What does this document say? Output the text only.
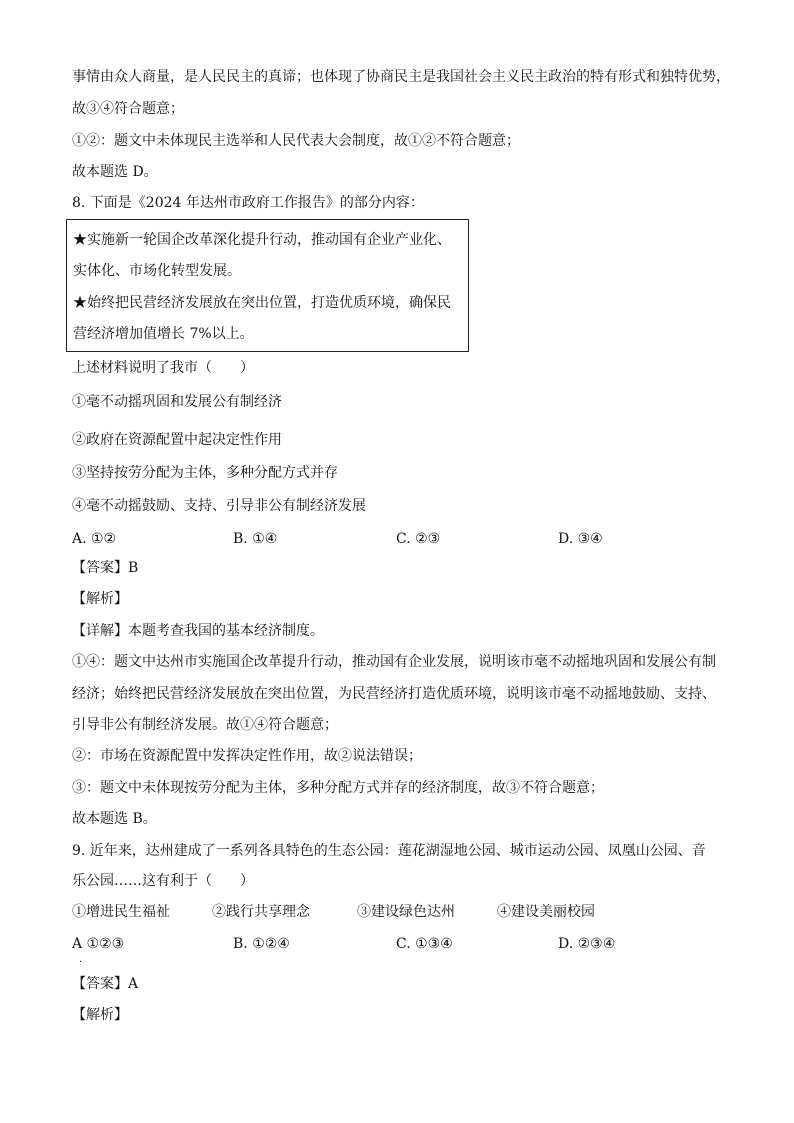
事情由众人商量，是人民民主的真谛；也体现了协商民主是我国社会主义民主政治的特有形式和独特优势，
故③④符合题意；
①②：题文中未体现民主选举和人民代表大会制度，故①②不符合题意；
故本题选 D。
8. 下面是《2024 年达州市政府工作报告》的部分内容：
★实施新一轮国企改革深化提升行动，推动国有企业产业化、
实体化、市场化转型发展。
★始终把民营经济发展放在突出位置，打造优质环境，确保民
营经济增加值增长 7%以上。
上述材料说明了我市（　　）
①毫不动摇巩固和发展公有制经济
②政府在资源配置中起决定性作用
③坚持按劳分配为主体，多种分配方式并存
④毫不动摇鼓励、支持、引导非公有制经济发展
A. ①②	B. ①④	C. ②③	D. ③④
【答案】B
【解析】
【详解】本题考查我国的基本经济制度。
①④：题文中达州市实施国企改革提升行动，推动国有企业发展，说明该市毫不动摇地巩固和发展公有制
经济；始终把民营经济发展放在突出位置，为民营经济打造优质环境，说明该市毫不动摇地鼓励、支持、
引导非公有制经济发展。故①④符合题意；
②：市场在资源配置中发挥决定性作用，故②说法错误；
③：题文中未体现按劳分配为主体，多种分配方式并存的经济制度，故③不符合题意；
故本题选 B。
9. 近年来，达州建成了一系列各具特色的生态公园：莲花湖湿地公园、城市运动公园、凤凰山公园、音
乐公园……这有利于（　　）
①增进民生福祉	②践行共享理念	③建设绿色达州	④建设美丽校园
A ①②③
．
B. ①②④	C. ①③④	D. ②③④
【答案】A
【解析】
